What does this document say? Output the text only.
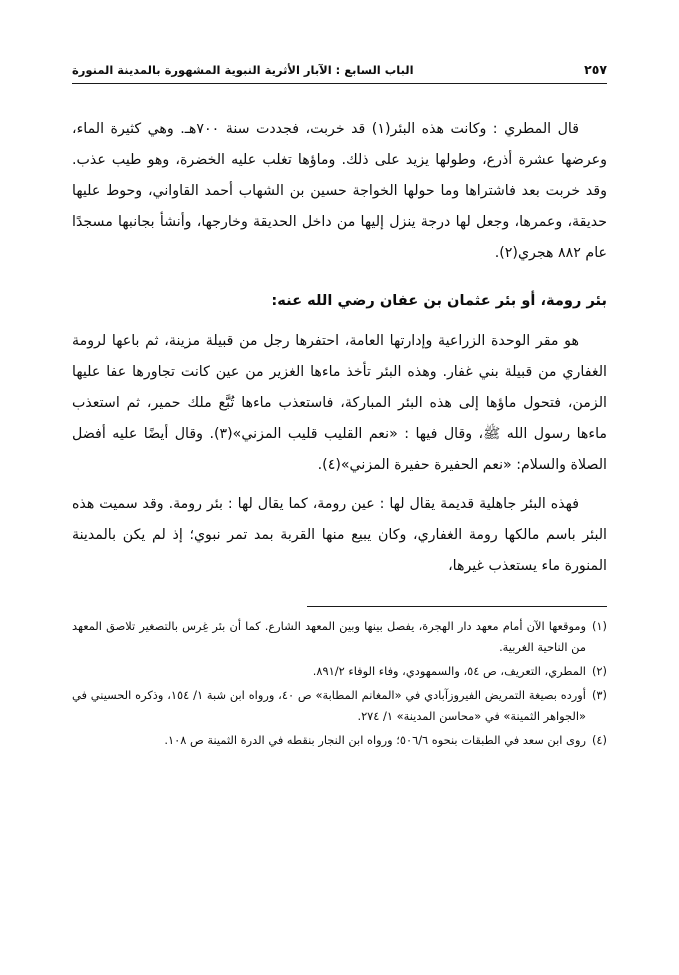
الباب السابع : الآبار الأثرية النبوية المشهورة بالمدينة المنورة	٢٥٧

قال المطري : وكانت هذه البئر(١) قد خربت، فجددت سنة ٧٠٠هـ. وهي كثيرة الماء، وعرضها عشرة أذرع، وطولها يزيد على ذلك. وماؤها تغلب عليه الخضرة، وهو طيب عذب. وقد خربت بعد فاشتراها وما حولها الخواجة حسين بن الشهاب أحمد القاواني، وحوط عليها حديقة، وعمرها، وجعل لها درجة ينزل إليها من داخل الحديقة وخارجها، وأنشأ بجانبها مسجدًا عام ٨٨٢ هجري(٢).

بئر رومة، أو بئر عثمان بن عفان رضي الله عنه:

هو مقر الوحدة الزراعية وإدارتها العامة، احتفرها رجل من قبيلة مزينة، ثم باعها لرومة الغفاري من قبيلة بني غفار. وهذه البئر تأخذ ماءها الغزير من عين كانت تجاورها عفا عليها الزمن، فتحول ماؤها إلى هذه البئر المباركة، فاستعذب ماءها تُبَّع ملك حمير، ثم استعذب ماءها رسول الله ﷺ، وقال فيها : «نعم القليب قليب المزني»(٣). وقال أيضًا عليه أفضل الصلاة والسلام: «نعم الحفيرة حفيرة المزني»(٤).

فهذه البئر جاهلية قديمة يقال لها : عين رومة، كما يقال لها : بئر رومة. وقد سميت هذه البئر باسم مالكها رومة الغفاري، وكان يبيع منها القربة بمد تمر نبوي؛ إذ لم يكن بالمدينة المنورة ماء يستعذب غيرها،

(١)
وموقعها الآن أمام معهد دار الهجرة، يفصل بينها وبين المعهد الشارع. كما أن بئر غِرس بالتصغير تلاصق المعهد من الناحية الغربية.
(٢)
المطري، التعريف، ص ٥٤، والسمهودي، وفاء الوفاء ٨٩١/٢.
(٣)
أورده بصيغة التمريض الفيروزآبادي في «المغانم المطابة» ص ٤٠، ورواه ابن شبة ١/ ١٥٤، وذكره الحسيني في «الجواهر الثمينة» في «محاسن المدينة» ١/ ٢٧٤.
(٤)
روى ابن سعد في الطبقات بنحوه ٥٠٦/٦؛ ورواه ابن النجار بنقطه في الدرة الثمينة ص ١٠٨.
